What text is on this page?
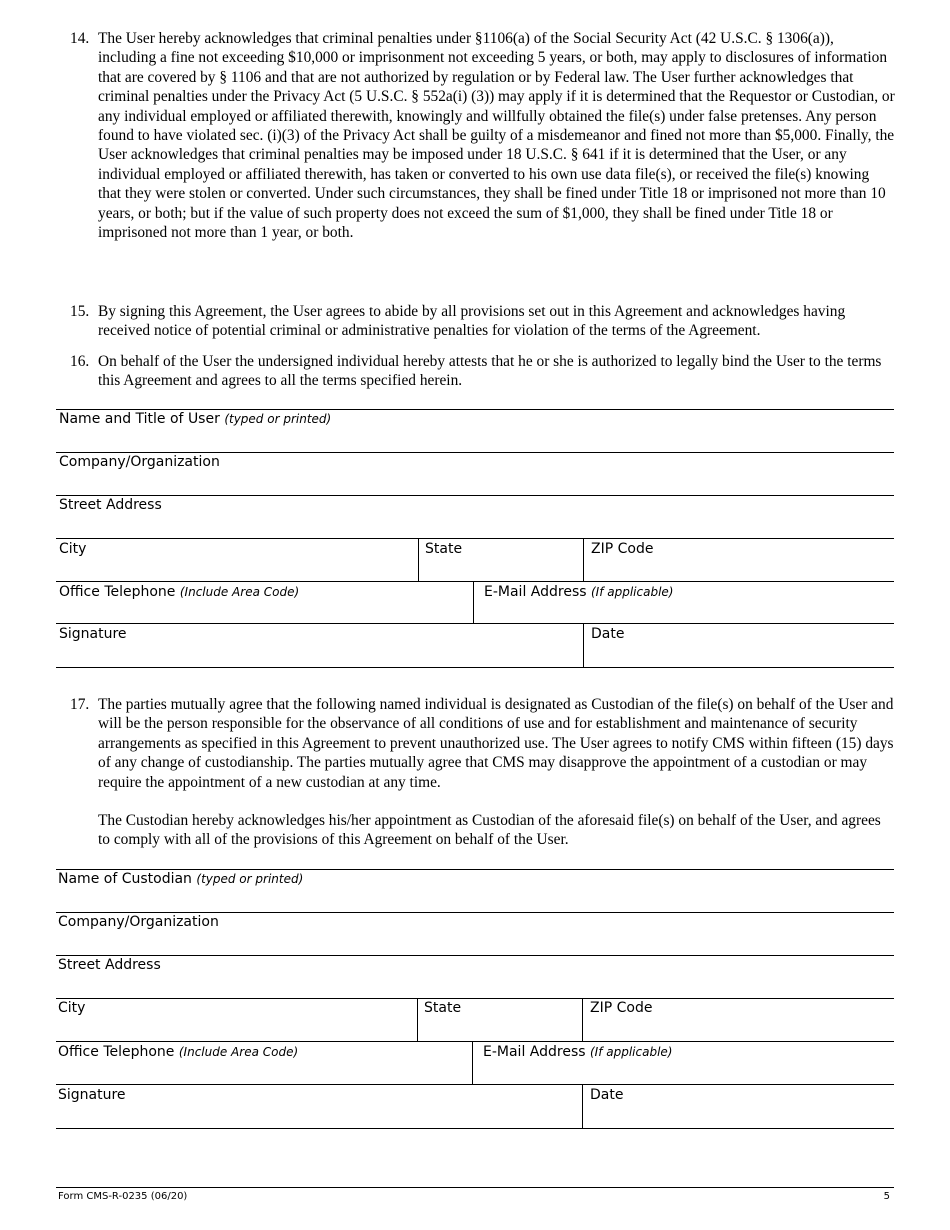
14. The User hereby acknowledges that criminal penalties under §1106(a) of the Social Security Act (42 U.S.C. § 1306(a)), including a fine not exceeding $10,000 or imprisonment not exceeding 5 years, or both, may apply to disclosures of information that are covered by § 1106 and that are not authorized by regulation or by Federal law. The User further acknowledges that criminal penalties under the Privacy Act (5 U.S.C. § 552a(i) (3)) may apply if it is determined that the Requestor or Custodian, or any individual employed or affiliated therewith, knowingly and willfully obtained the file(s) under false pretenses. Any person found to have violated sec. (i)(3) of the Privacy Act shall be guilty of a misdemeanor and fined not more than $5,000. Finally, the User acknowledges that criminal penalties may be imposed under 18 U.S.C. § 641 if it is determined that the User, or any individual employed or affiliated therewith, has taken or converted to his own use data file(s), or received the file(s) knowing that they were stolen or converted. Under such circumstances, they shall be fined under Title 18 or imprisoned not more than 10 years, or both; but if the value of such property does not exceed the sum of $1,000, they shall be fined under Title 18 or imprisoned not more than 1 year, or both.
15. By signing this Agreement, the User agrees to abide by all provisions set out in this Agreement and acknowledges having received notice of potential criminal or administrative penalties for violation of the terms of the Agreement.
16. On behalf of the User the undersigned individual hereby attests that he or she is authorized to legally bind the User to the terms this Agreement and agrees to all the terms specified herein.
Name and Title of User (typed or printed)
Company/Organization
Street Address
City	State	ZIP Code
Office Telephone (Include Area Code)	E-Mail Address (If applicable)
Signature	Date
17. The parties mutually agree that the following named individual is designated as Custodian of the file(s) on behalf of the User and will be the person responsible for the observance of all conditions of use and for establishment and maintenance of security arrangements as specified in this Agreement to prevent unauthorized use. The User agrees to notify CMS within fifteen (15) days of any change of custodianship. The parties mutually agree that CMS may disapprove the appointment of a custodian or may require the appointment of a new custodian at any time.
The Custodian hereby acknowledges his/her appointment as Custodian of the aforesaid file(s) on behalf of the User, and agrees to comply with all of the provisions of this Agreement on behalf of the User.
Name of Custodian (typed or printed)
Company/Organization
Street Address
City	State	ZIP Code
Office Telephone (Include Area Code)	E-Mail Address (If applicable)
Signature	Date
Form CMS-R-0235 (06/20)	5
